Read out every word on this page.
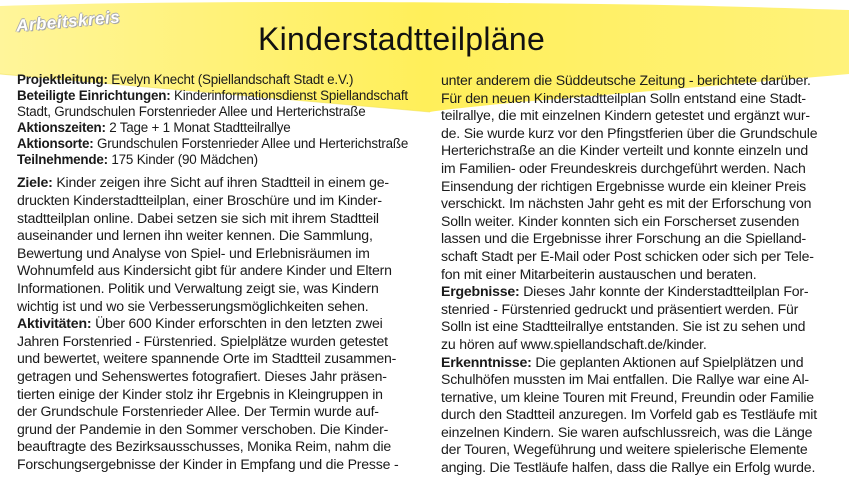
Arbeitskreis	Kinderstadtteilpläne

Projektleitung: Evelyn Knecht (Spiellandschaft Stadt e.V.)

Beteiligte Einrichtungen: Kinderinformationsdienst Spiellandschaft

Stadt, Grundschulen Forstenrieder Allee und Herterichstraße

Aktionszeiten: 2 Tage + 1 Monat Stadtteilrallye

Aktionsorte: Grundschulen Forstenrieder Allee und Herterichstraße

Teilnehmende: 175 Kinder (90 Mädchen)

Ziele: Kinder zeigen ihre Sicht auf ihren Stadtteil in einem ge-

druckten Kinderstadtteilplan, einer Broschüre und im Kinder-

stadtteilplan online. Dabei setzen sie sich mit ihrem Stadtteil

auseinander und lernen ihn weiter kennen. Die Sammlung,

Bewertung und Analyse von Spiel- und Erlebnisräumen im

Wohnumfeld aus Kindersicht gibt für andere Kinder und Eltern

Informationen. Politik und Verwaltung zeigt sie, was Kindern

wichtig ist und wo sie Verbesserungsmöglichkeiten sehen.

Aktivitäten: Über 600 Kinder erforschten in den letzten zwei

Jahren Forstenried - Fürstenried. Spielplätze wurden getestet

und bewertet, weitere spannende Orte im Stadtteil zusammen-

getragen und Sehenswertes fotografiert. Dieses Jahr präsen-

tierten einige der Kinder stolz ihr Ergebnis in Kleingruppen in

der Grundschule Forstenrieder Allee. Der Termin wurde auf-

grund der Pandemie in den Sommer verschoben. Die Kinder-

beauftragte des Bezirksausschusses, Monika Reim, nahm die

Forschungsergebnisse der Kinder in Empfang und die Presse -

unter anderem die Süddeutsche Zeitung - berichtete darüber.

Für den neuen Kinderstadtteilplan Solln entstand eine Stadt-

teilrallye, die mit einzelnen Kindern getestet und ergänzt wur-

de. Sie wurde kurz vor den Pfingstferien über die Grundschule

Herterichstraße an die Kinder verteilt und konnte einzeln und

im Familien- oder Freundeskreis durchgeführt werden. Nach

Einsendung der richtigen Ergebnisse wurde ein kleiner Preis

verschickt. Im nächsten Jahr geht es mit der Erforschung von

Solln weiter. Kinder konnten sich ein Forscherset zusenden

lassen und die Ergebnisse ihrer Forschung an die Spielland-

schaft Stadt per E-Mail oder Post schicken oder sich per Tele-

fon mit einer Mitarbeiterin austauschen und beraten.

Ergebnisse: Dieses Jahr konnte der Kinderstadtteilplan For-

stenried - Fürstenried gedruckt und präsentiert werden. Für

Solln ist eine Stadtteilrallye entstanden. Sie ist zu sehen und

zu hören auf www.spiellandschaft.de/kinder.

Erkenntnisse: Die geplanten Aktionen auf Spielplätzen und

Schulhöfen mussten im Mai entfallen. Die Rallye war eine Al-

ternative, um kleine Touren mit Freund, Freundin oder Familie

durch den Stadtteil anzuregen. Im Vorfeld gab es Testläufe mit

einzelnen Kindern. Sie waren aufschlussreich, was die Länge

der Touren, Wegeführung und weitere spielerische Elemente

anging. Die Testläufe halfen, dass die Rallye ein Erfolg wurde.
